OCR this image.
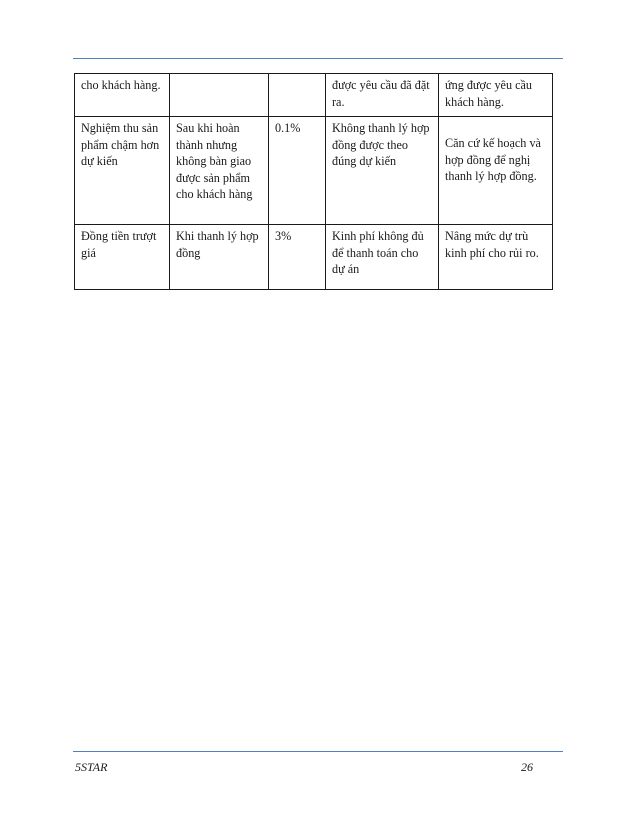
cho khách hàng.			được yêu cầu đã đặt ra.	ứng được yêu cầu khách hàng.
Nghiệm thu sản phẩm chậm hơn dự kiến	Sau khi hoàn thành nhưng không bàn giao được sản phẩm cho khách hàng	0.1%	Không thanh lý hợp đồng được theo đúng dự kiến	Căn cứ kế hoạch và hợp đồng để nghị thanh lý hợp đồng.
Đồng tiền trượt giá	Khi thanh lý hợp đồng	3%	Kinh phí không đủ để thanh toán cho dự án	Nâng mức dự trù kinh phí cho rủi ro.
5STAR	26
